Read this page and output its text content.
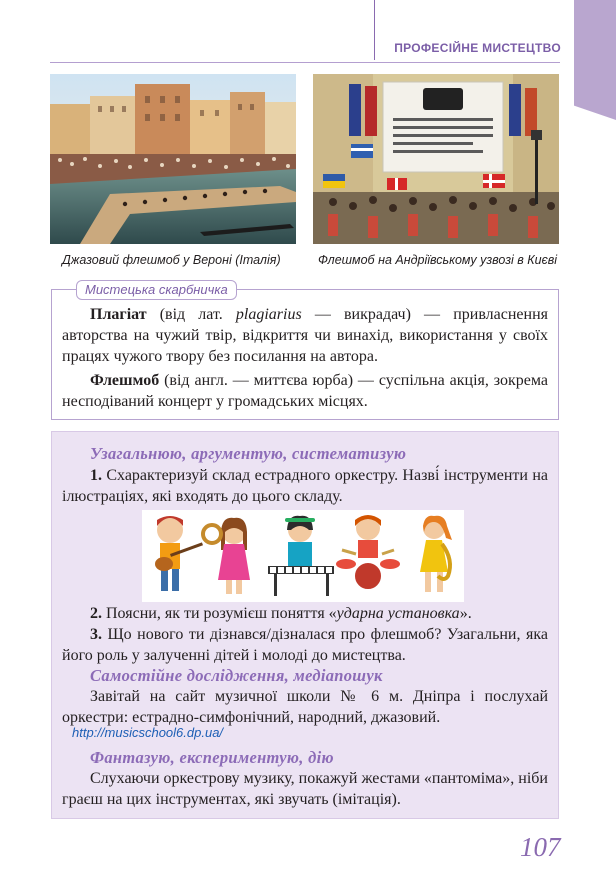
ПРОФЕСІЙНЕ МИСТЕЦТВО
Джазовий флешмоб у Вероні (Італія)	Флешмоб на Андріївському узвозі в Києві
Мистецька скарбничка
Плагіат (від лат. plagiarius — викрадач) — привласнення авторства на чужий твір, відкриття чи винахід, використання у своїх працях чужого твору без посилання на автора.
Флешмоб (від англ. — миттєва юрба) — суспільна акція, зокрема несподіваний концерт у громадських місцях.
Узагальнюю, аргументую, систематизую
1. Схарактеризуй склад естрадного оркестру. Назві́ інструменти на ілюстраціях, які входять до цього складу.
2. Поясни, як ти розумієш поняття «ударна установка».
3. Що нового ти дізнався/дізналася про флешмоб? Узагальни, яка його роль у залученні дітей і молоді до мистецтва.
Самостійне дослідження, медіапошук
Завітай на сайт музичної школи № 6 м. Дніпра і послухай оркестри: естрадно-симфонічний, народний, джазовий.
http://musicschool6.dp.ua/
Фантазую, експериментую, дію
Слухаючи оркестрову музику, покажуй жестами «пантоміма», ніби граєш на цих інструментах, які звучать (імітація).
107
